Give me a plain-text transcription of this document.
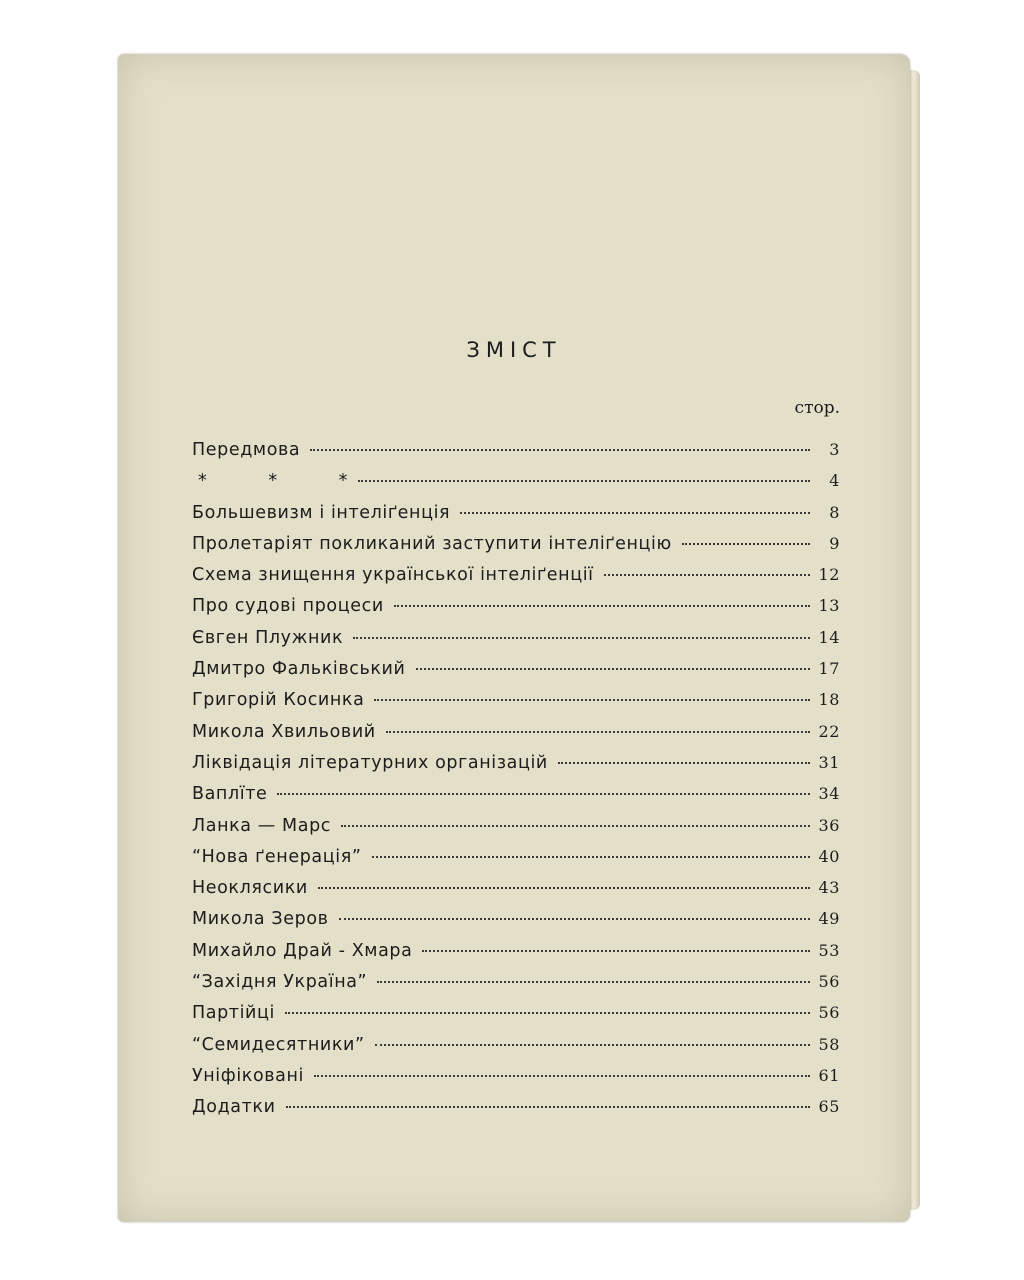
ЗМІСТ
стор.
Передмова	3
* * *	4
Большевизм і інтеліґенція	8
Пролетаріят покликаний заступити інтеліґенцію	9
Схема знищення української інтеліґенції	12
Про судові процеси	13
Євген Плужник	14
Дмитро Фальківський	17
Григорій Косинка	18
Микола Хвильовий	22
Ліквідація літературних організацій	31
Ваплїте	34
Ланка — Марс	36
“Нова ґенерація”	40
Неоклясики	43
Микола Зеров	49
Михайло Драй - Хмара	53
“Західня Україна”	56
Партійці	56
“Семидесятники”	58
Уніфіковані	61
Додатки	65
